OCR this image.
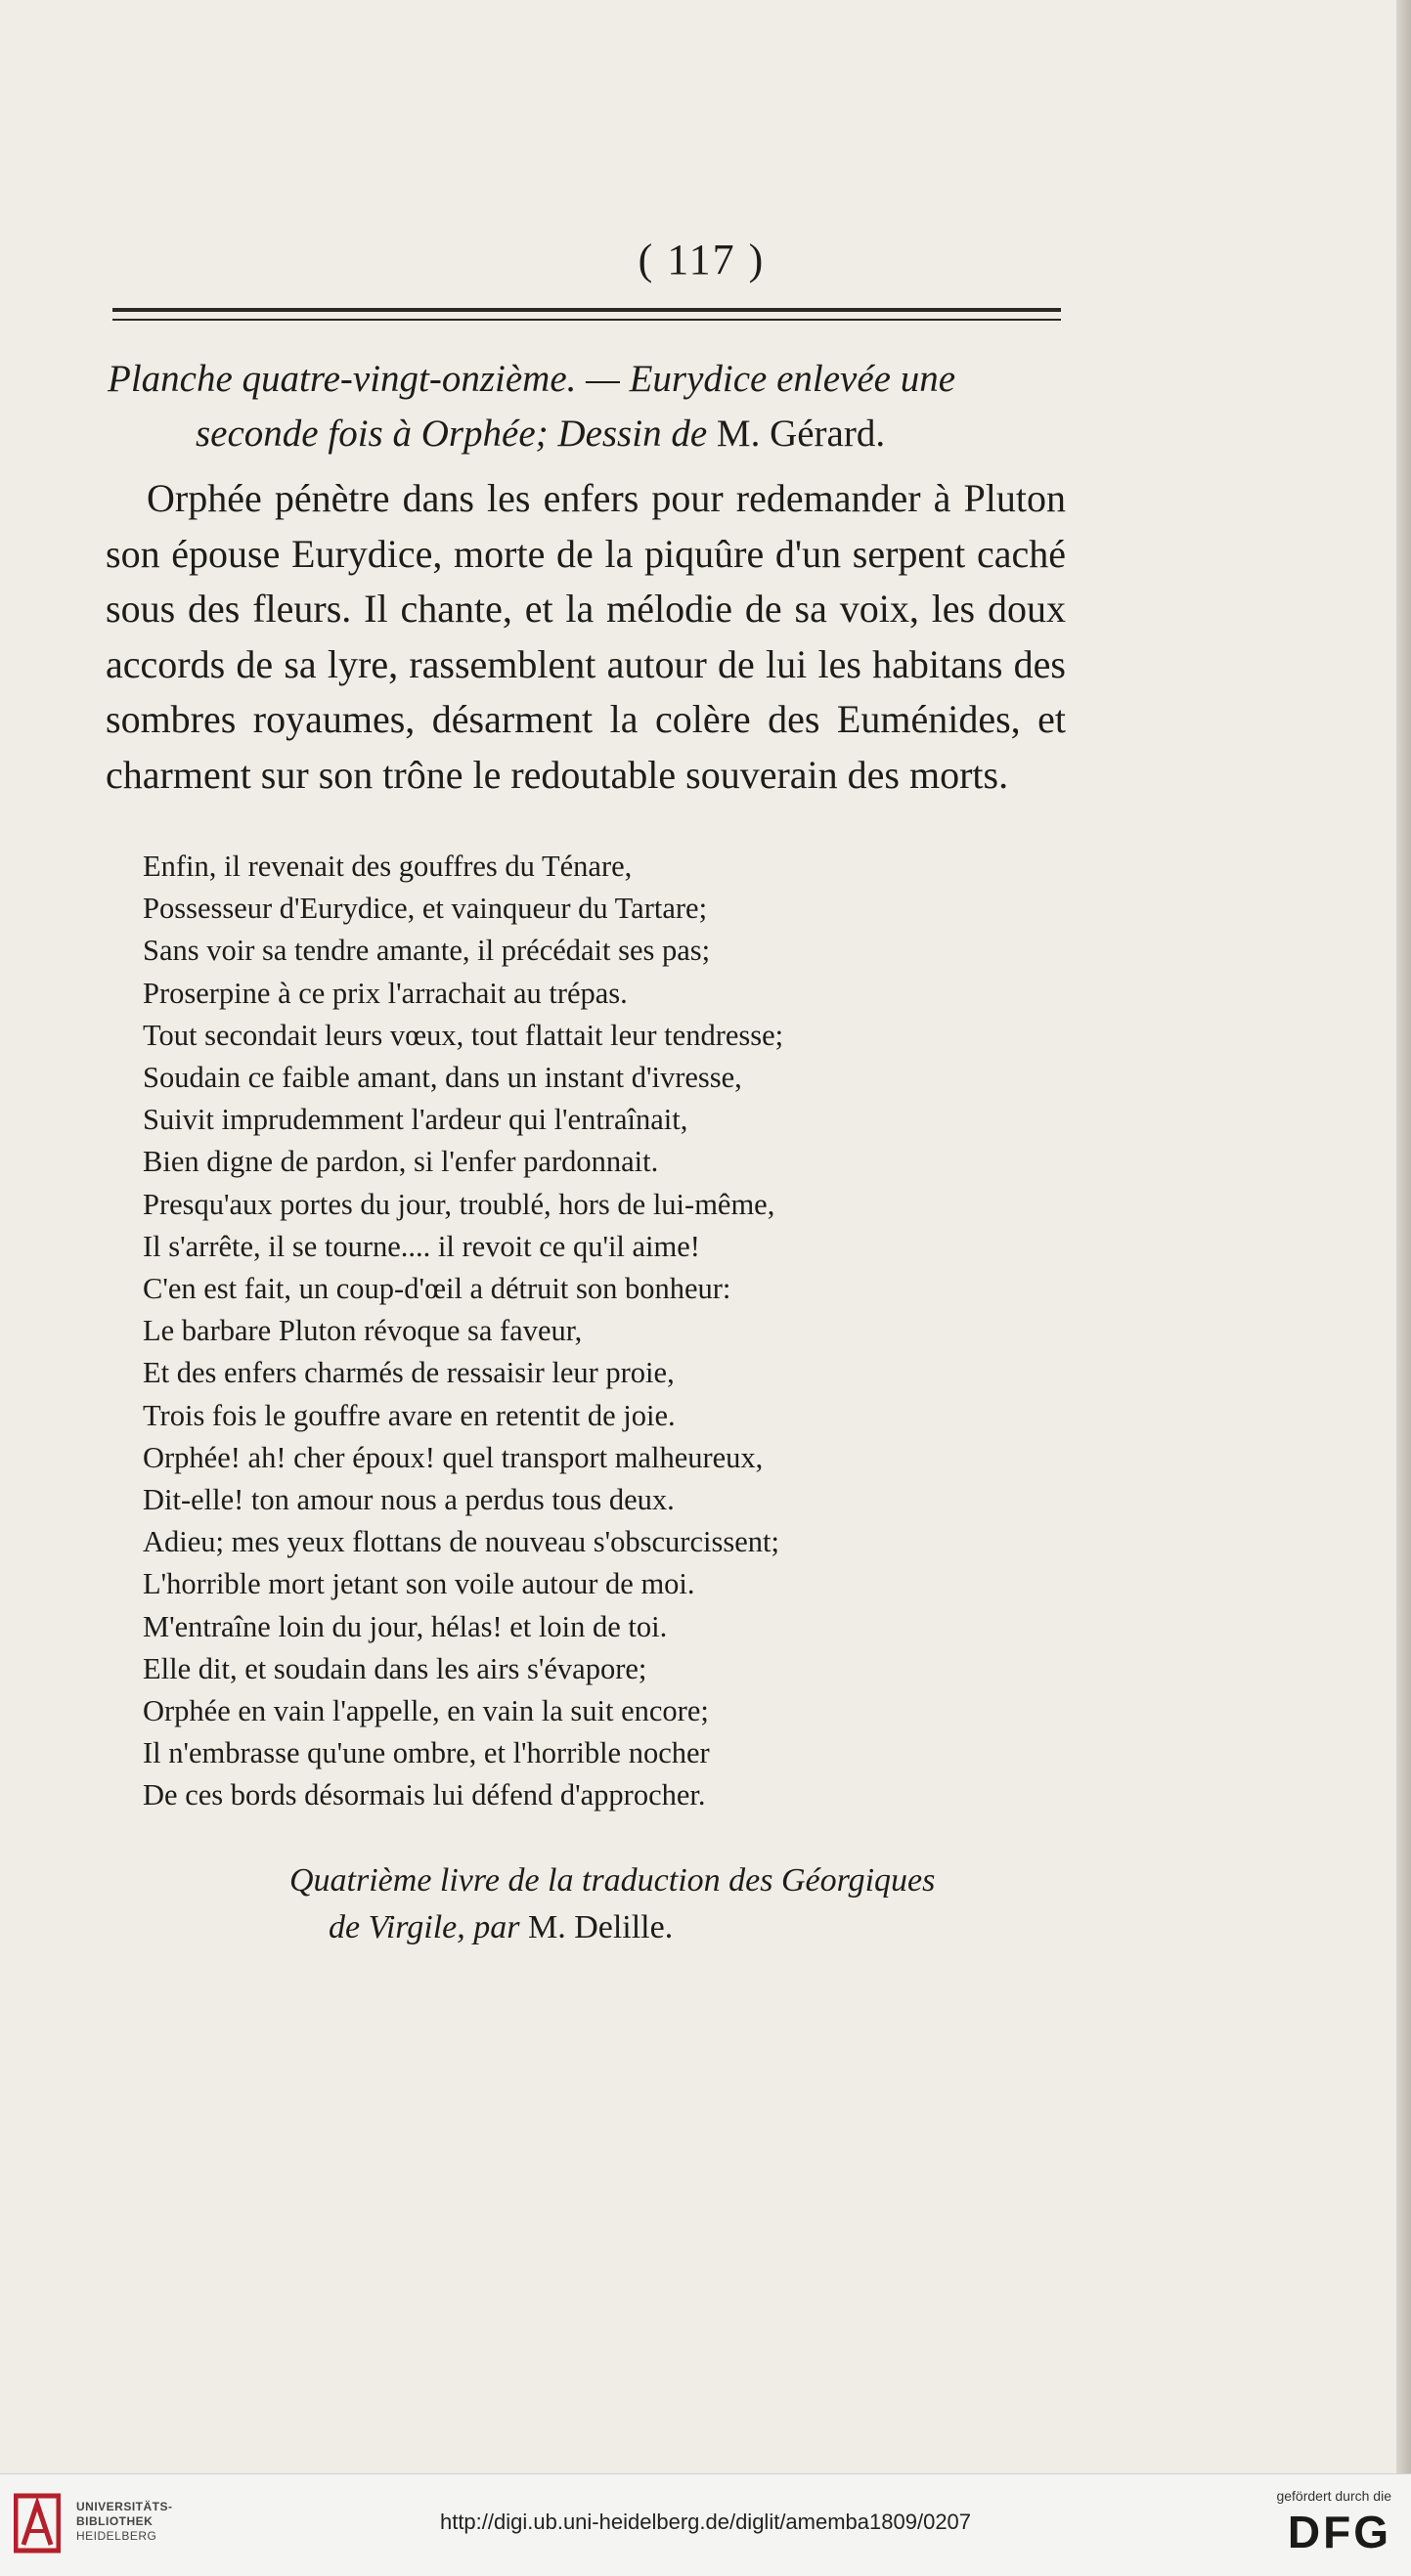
( 117 )
Planche quatre-vingt-onzième. — Eurydice enlevée une
seconde fois à Orphée; Dessin de M. Gérard.
Orphée pénètre dans les enfers pour redemander à Pluton son épouse Eurydice, morte de la piquûre d'un serpent caché sous des fleurs. Il chante, et la mélodie de sa voix, les doux accords de sa lyre, rassemblent autour de lui les habitans des sombres royaumes, désarment la colère des Euménides, et charment sur son trône le redoutable souverain des morts.
Enfin, il revenait des gouffres du Ténare,
Possesseur d'Eurydice, et vainqueur du Tartare;
Sans voir sa tendre amante, il précédait ses pas;
Proserpine à ce prix l'arrachait au trépas.
Tout secondait leurs vœux, tout flattait leur tendresse;
Soudain ce faible amant, dans un instant d'ivresse,
Suivit imprudemment l'ardeur qui l'entraînait,
Bien digne de pardon, si l'enfer pardonnait.
Presqu'aux portes du jour, troublé, hors de lui-même,
Il s'arrête, il se tourne.... il revoit ce qu'il aime!
C'en est fait, un coup-d'œil a détruit son bonheur:
Le barbare Pluton révoque sa faveur,
Et des enfers charmés de ressaisir leur proie,
Trois fois le gouffre avare en retentit de joie.
Orphée! ah! cher époux! quel transport malheureux,
Dit-elle! ton amour nous a perdus tous deux.
Adieu; mes yeux flottans de nouveau s'obscurcissent;
L'horrible mort jetant son voile autour de moi.
M'entraîne loin du jour, hélas! et loin de toi.
Elle dit, et soudain dans les airs s'évapore;
Orphée en vain l'appelle, en vain la suit encore;
Il n'embrasse qu'une ombre, et l'horrible nocher
De ces bords désormais lui défend d'approcher.
Quatrième livre de la traduction des Géorgiques
de Virgile, par M. Delille.
UNIVERSITÄTS-
BIBLIOTHEK
HEIDELBERG
http://digi.ub.uni-heidelberg.de/diglit/amemba1809/0207
gefördert durch die
DFG
